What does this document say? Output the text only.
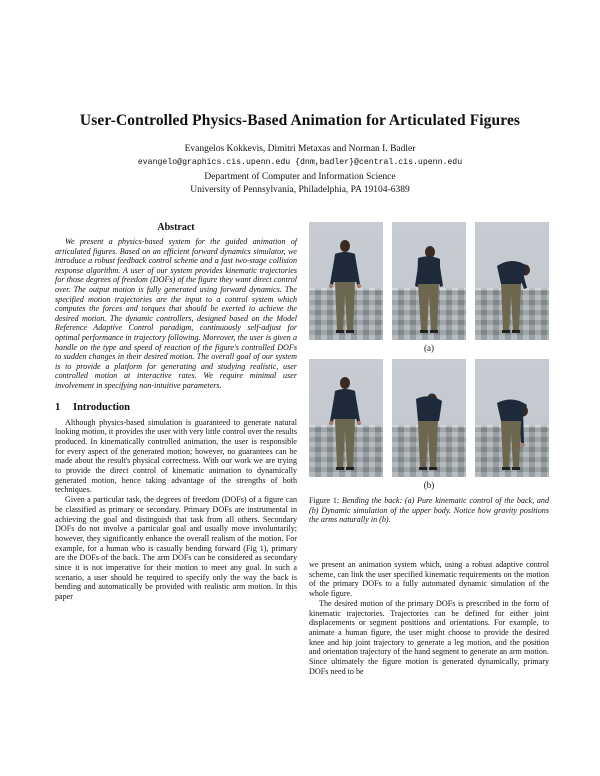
User-Controlled Physics-Based Animation for Articulated Figures
Evangelos Kokkevis, Dimitri Metaxas and Norman I. Badler
evangelo@graphics.cis.upenn.edu {dnm,badler}@central.cis.upenn.edu
Department of Computer and Information Science
University of Pennsylvania, Philadelphia, PA 19104-6389
Abstract

We present a physics-based system for the guided animation of articulated figures. Based on an efficient forward dynamics simulator, we introduce a robust feedback control scheme and a fast two-stage collision response algorithm. A user of our system provides kinematic trajectories for those degrees of freedom (DOFs) of the figure they want direct control over. The output motion is fully generated using forward dynamics. The specified motion trajectories are the input to a control system which computes the forces and torques that should be exerted to achieve the desired motion. The dynamic controllers, designed based on the Model Reference Adaptive Control paradigm, continuously self-adjust for optimal performance in trajectory following. Moreover, the user is given a handle on the type and speed of reaction of the figure's controlled DOFs to sudden changes in their desired motion. The overall goal of our system is to provide a platform for generating and studying realistic, user controlled motion at interactive rates. We require minimal user involvement in specifying non-intuitive parameters.

1 Introduction

Although physics-based simulation is guaranteed to generate natural looking motion, it provides the user with very little control over the results produced. In kinematically controlled animation, the user is responsible for every aspect of the generated motion; however, no guarantees can be made about the result's physical correctness. With our work we are trying to provide the direct control of kinematic animation to dynamically generated motion, hence taking advantage of the strengths of both techniques.

Given a particular task, the degrees of freedom (DOFs) of a figure can be classified as primary or secondary. Primary DOFs are instrumental in achieving the goal and distinguish that task from all others. Secondary DOFs do not involve a particular goal and usually move involuntarily; however, they significantly enhance the overall realism of the motion. For example, for a human who is casually bending forward (Fig 1), primary are the DOFs of the back. The arm DOFs can be considered as secondary since it is not imperative for their motion to meet any goal. In such a scenario, a user should be required to specify only the way the back is bending and automatically be provided with realistic arm motion. In this paper

(a)
(b)

Figure 1: Bending the back: (a) Pure kinematic control of the back, and (b) Dynamic simulation of the upper body. Notice how gravity positions the arms naturally in (b).

we present an animation system which, using a robust adaptive control scheme, can link the user specified kinematic requirements on the motion of the primary DOFs to a fully automated dynamic simulation of the whole figure.

The desired motion of the primary DOFs is prescribed in the form of kinematic trajectories. Trajectories can be defined for either joint displacements or segment positions and orientations. For example, to animate a human figure, the user might choose to provide the desired knee and hip joint trajectory to generate a leg motion, and the position and orientation trajectory of the hand segment to generate an arm motion. Since ultimately the figure motion is generated dynamically, primary DOFs need to be
